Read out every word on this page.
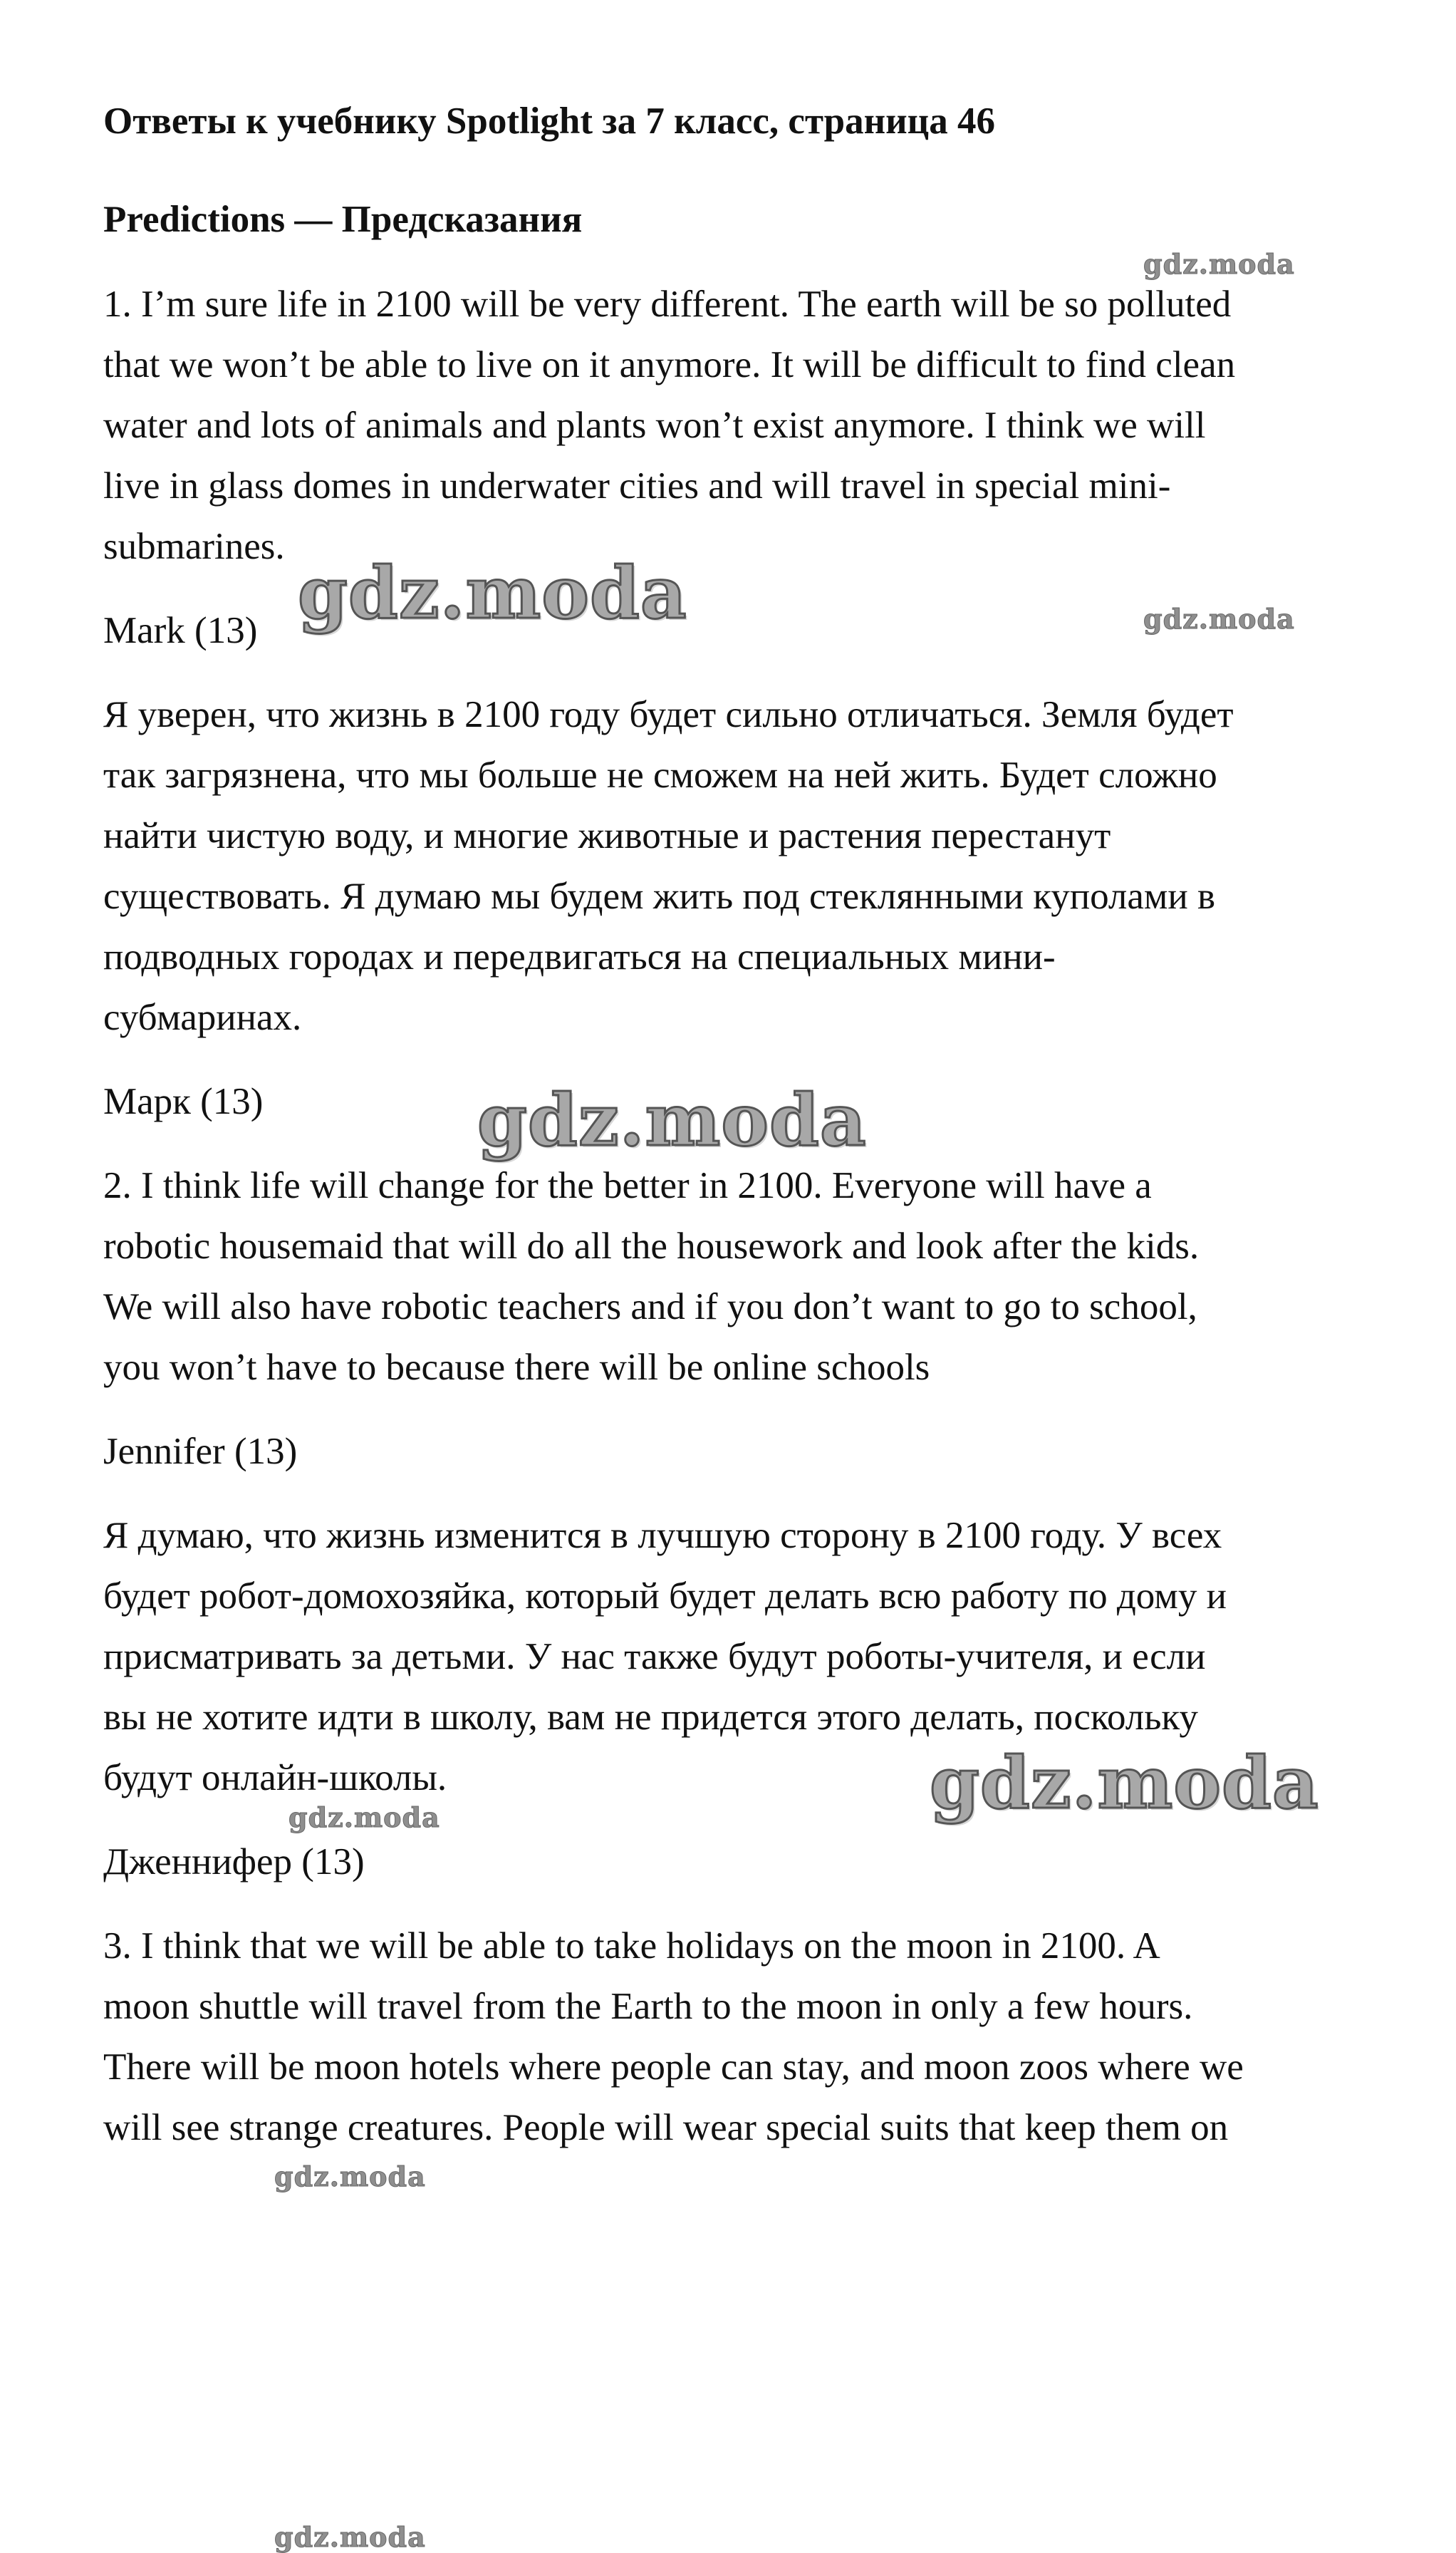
Ответы к учебнику Spotlight за 7 класс, страница 46

Predictions — Предсказания

1. I’m sure life in 2100 will be very different. The earth will be so polluted

that we won’t be able to live on it anymore. It will be difficult to find clean

water and lots of animals and plants won’t exist anymore. I think we will

live in glass domes in underwater cities and will travel in special mini-

submarines.

Mark (13)

Я уверен, что жизнь в 2100 году будет сильно отличаться. Земля будет

так загрязнена, что мы больше не сможем на ней жить. Будет сложно

найти чистую воду, и многие животные и растения перестанут

существовать. Я думаю мы будем жить под стеклянными куполами в

подводных городах и передвигаться на специальных мини-

субмаринах.

Марк (13)

2. I think life will change for the better in 2100. Everyone will have a

robotic housemaid that will do all the housework and look after the kids.

We will also have robotic teachers and if you don’t want to go to school,

you won’t have to because there will be online schools

Jennifer (13)

Я думаю, что жизнь изменится в лучшую сторону в 2100 году. У всех

будет робот-домохозяйка, который будет делать всю работу по дому и

присматривать за детьми. У нас также будут роботы-учителя, и если

вы не хотите идти в школу, вам не придется этого делать, поскольку

будут онлайн-школы.

Дженнифер (13)

3. I think that we will be able to take holidays on the moon in 2100. A

moon shuttle will travel from the Earth to the moon in only a few hours.

There will be moon hotels where people can stay, and moon zoos where we

will see strange creatures. People will wear special suits that keep them on

gdz.moda
gdz.moda	gdz.moda
gdz.moda
gdz.moda
gdz.moda
gdz.moda
gdz.moda
